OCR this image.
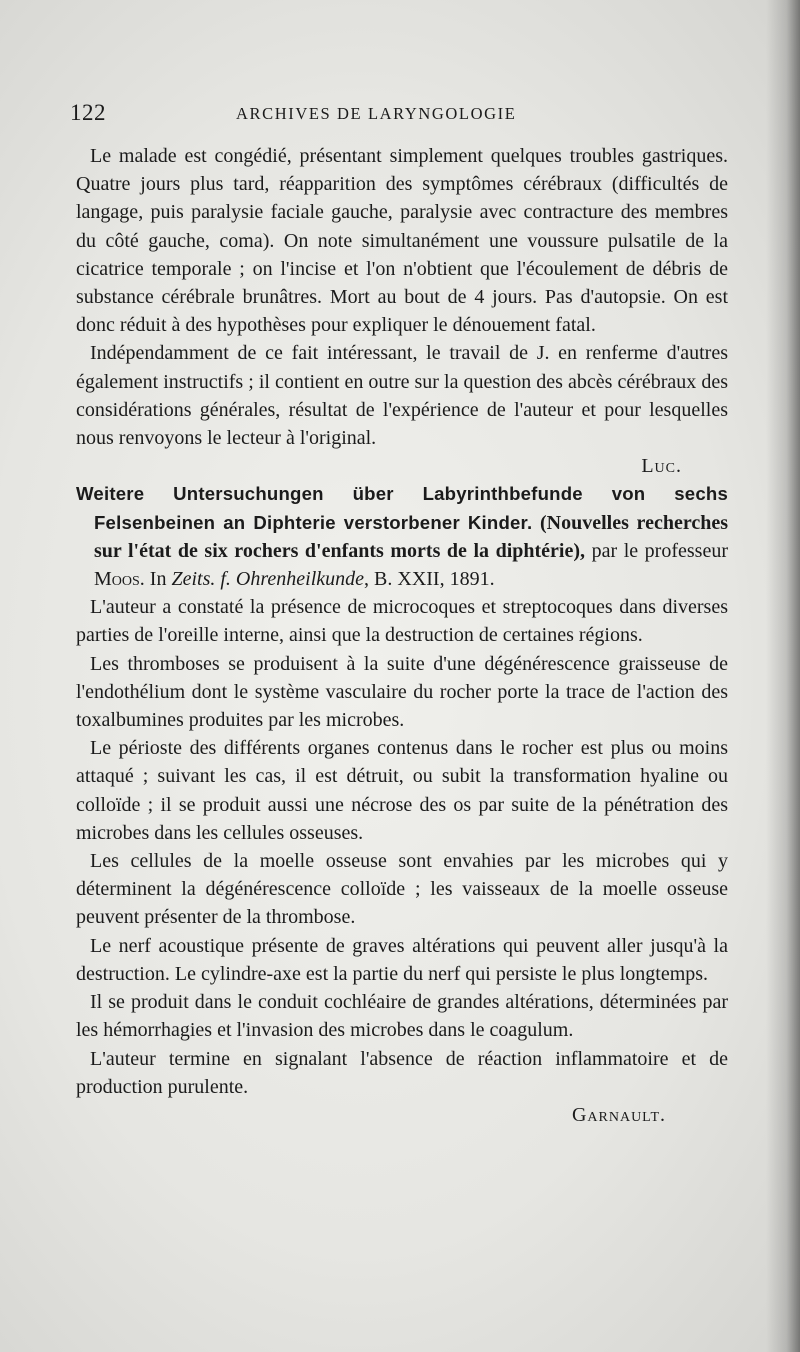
122	ARCHIVES DE LARYNGOLOGIE

Le malade est congédié, présentant simplement quelques troubles gastriques. Quatre jours plus tard, réapparition des symptômes cérébraux (difficultés de langage, puis paralysie faciale gauche, paralysie avec contracture des membres du côté gauche, coma). On note simultanément une voussure pulsatile de la cicatrice temporale ; on l'incise et l'on n'obtient que l'écoulement de débris de substance cérébrale brunâtres. Mort au bout de 4 jours. Pas d'autopsie. On est donc réduit à des hypothèses pour expliquer le dénouement fatal.

Indépendamment de ce fait intéressant, le travail de J. en renferme d'autres également instructifs ; il contient en outre sur la question des abcès cérébraux des considérations générales, résultat de l'expérience de l'auteur et pour lesquelles nous renvoyons le lecteur à l'original.

Luc.

Weitere Untersuchungen über Labyrinthbefunde von sechs Felsenbeinen an Diphterie verstorbener Kinder. (Nouvelles recherches sur l'état de six rochers d'enfants morts de la diphtérie), par le professeur Moos. In Zeits. f. Ohrenheilkunde, B. XXII, 1891.

L'auteur a constaté la présence de microcoques et streptocoques dans diverses parties de l'oreille interne, ainsi que la destruction de certaines régions.

Les thromboses se produisent à la suite d'une dégénérescence graisseuse de l'endothélium dont le système vasculaire du rocher porte la trace de l'action des toxalbumines produites par les microbes.

Le périoste des différents organes contenus dans le rocher est plus ou moins attaqué ; suivant les cas, il est détruit, ou subit la transformation hyaline ou colloïde ; il se produit aussi une nécrose des os par suite de la pénétration des microbes dans les cellules osseuses.

Les cellules de la moelle osseuse sont envahies par les microbes qui y déterminent la dégénérescence colloïde ; les vaisseaux de la moelle osseuse peuvent présenter de la thrombose.

Le nerf acoustique présente de graves altérations qui peuvent aller jusqu'à la destruction. Le cylindre-axe est la partie du nerf qui persiste le plus longtemps.

Il se produit dans le conduit cochléaire de grandes altérations, déterminées par les hémorrhagies et l'invasion des microbes dans le coagulum.

L'auteur termine en signalant l'absence de réaction inflammatoire et de production purulente.

Garnault.
